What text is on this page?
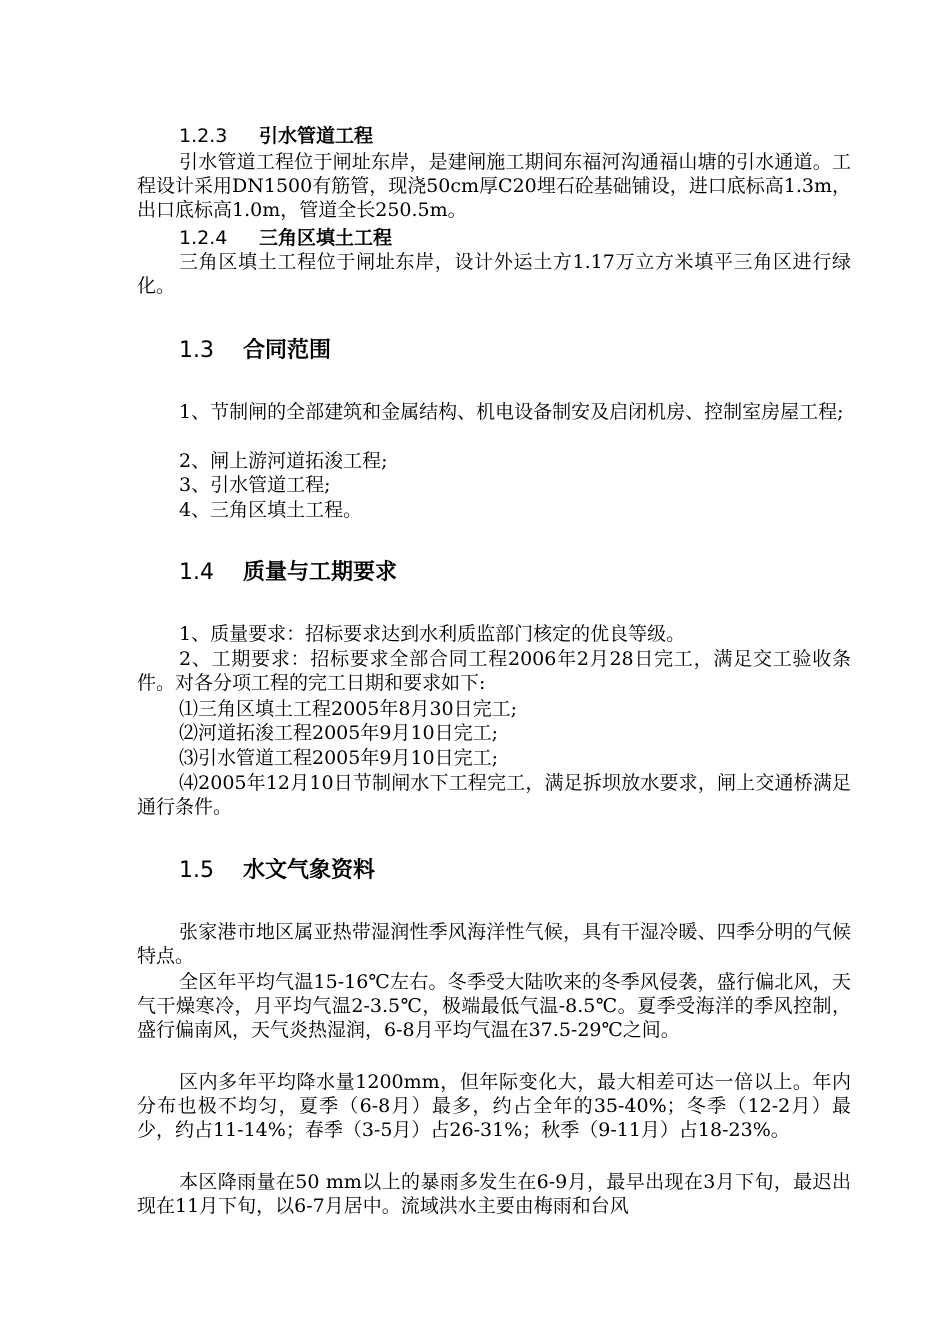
1.2.3 引水管道工程

引水管道工程位于闸址东岸，是建闸施工期间东福河沟通福山塘的引水通道。工程设计采用DN1500有筋管，现浇50cm厚C20埋石砼基础铺设，进口底标高1.3m，出口底标高1.0m，管道全长250.5m。

1.2.4 三角区填土工程

三角区填土工程位于闸址东岸，设计外运土方1.17万立方米填平三角区进行绿化。

1.3 合同范围

1、节制闸的全部建筑和金属结构、机电设备制安及启闭机房、控制室房屋工程;

2、闸上游河道拓浚工程;

3、引水管道工程;

4、三角区填土工程。

1.4 质量与工期要求

1、质量要求：招标要求达到水利质监部门核定的优良等级。

2、工期要求：招标要求全部合同工程2006年2月28日完工，满足交工验收条件。对各分项工程的完工日期和要求如下:

⑴三角区填土工程2005年8月30日完工;

⑵河道拓浚工程2005年9月10日完工;

⑶引水管道工程2005年9月10日完工;

⑷2005年12月10日节制闸水下工程完工，满足拆坝放水要求，闸上交通桥满足通行条件。

1.5 水文气象资料

张家港市地区属亚热带湿润性季风海洋性气候，具有干湿冷暖、四季分明的气候特点。

全区年平均气温15-16℃左右。冬季受大陆吹来的冬季风侵袭，盛行偏北风，天气干燥寒冷，月平均气温2-3.5℃，极端最低气温-8.5℃。夏季受海洋的季风控制，盛行偏南风，天气炎热湿润，6-8月平均气温在37.5-29℃之间。

区内多年平均降水量1200mm，但年际变化大，最大相差可达一倍以上。年内分布也极不均匀，夏季（6-8月）最多，约占全年的35-40%；冬季（12-2月）最少，约占11-14%；春季（3-5月）占26-31%；秋季（9-11月）占18-23%。

本区降雨量在50 mm以上的暴雨多发生在6-9月，最早出现在3月下旬，最迟出现在11月下旬，以6-7月居中。流域洪水主要由梅雨和台风
